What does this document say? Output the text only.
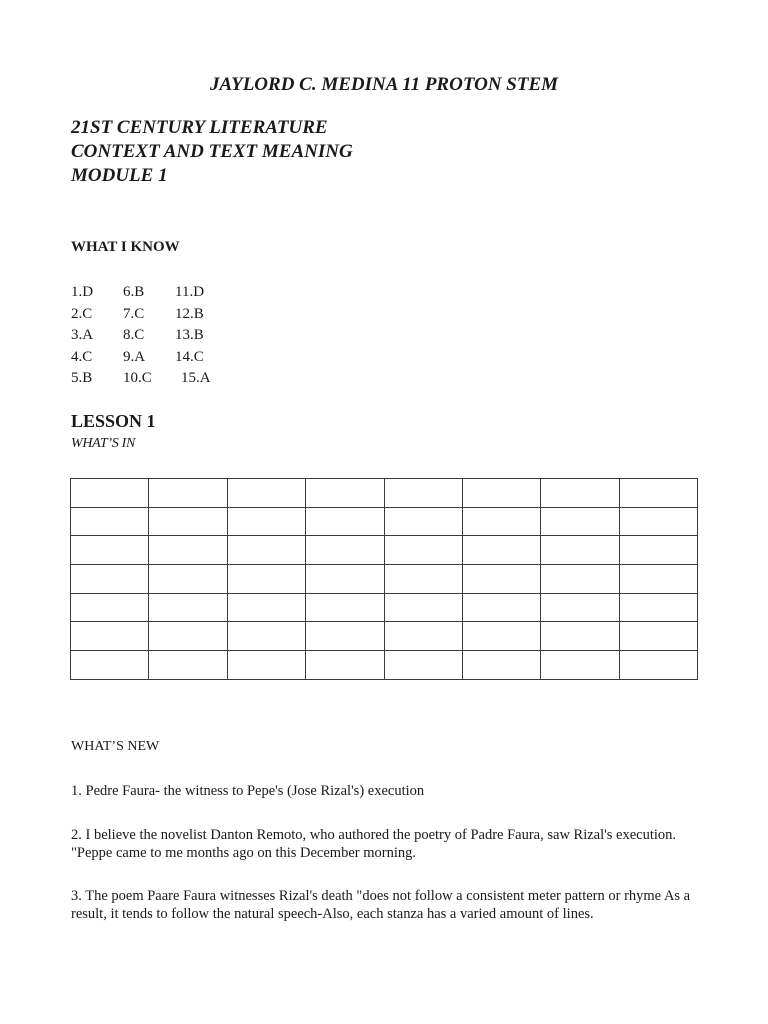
JAYLORD C. MEDINA 11 PROTON STEM
21ST CENTURY LITERATURE
CONTEXT AND TEXT MEANING
MODULE 1
WHAT I KNOW
1.D 6.B 11.D
2.C 7.C 12.B
3.A 8.C 13.B
4.C 9.A 14.C
5.B 10.C 15.A
LESSON 1
WHAT’S IN

WHAT’S NEW
1. Pedre Faura- the witness to Pepe's (Jose Rizal's) execution
2. I believe the novelist Danton Remoto, who authored the poetry of Padre Faura, saw Rizal's execution. "Peppe came to me months ago on this December morning.
3. The poem Paare Faura witnesses Rizal's death "does not follow a consistent meter pattern or rhyme As a result, it tends to follow the natural speech-Also, each stanza has a varied amount of lines.
